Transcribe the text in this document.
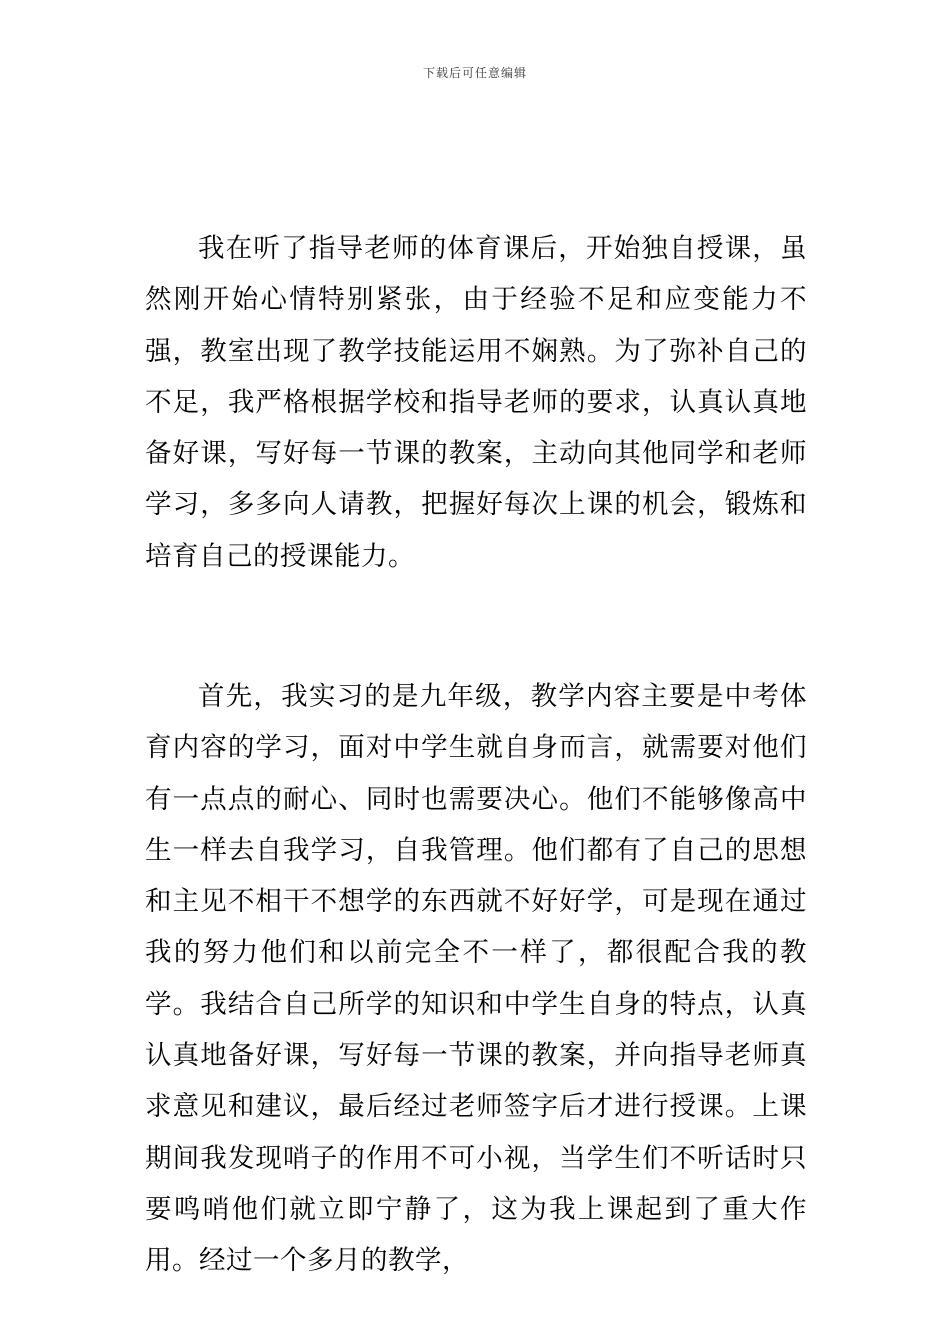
下载后可任意编辑

我在听了指导老师的体育课后，开始独自授课，虽然刚开始心情特别紧张，由于经验不足和应变能力不强，教室出现了教学技能运用不娴熟。为了弥补自己的不足，我严格根据学校和指导老师的要求，认真认真地备好课，写好每一节课的教案，主动向其他同学和老师学习，多多向人请教，把握好每次上课的机会，锻炼和培育自己的授课能力。

首先，我实习的是九年级，教学内容主要是中考体育内容的学习，面对中学生就自身而言，就需要对他们有一点点的耐心、同时也需要决心。他们不能够像高中生一样去自我学习，自我管理。他们都有了自己的思想和主见不相干不想学的东西就不好好学，可是现在通过我的努力他们和以前完全不一样了，都很配合我的教学。我结合自己所学的知识和中学生自身的特点，认真认真地备好课，写好每一节课的教案，并向指导老师真求意见和建议，最后经过老师签字后才进行授课。上课期间我发现哨子的作用不可小视，当学生们不听话时只要鸣哨他们就立即宁静了，这为我上课起到了重大作用。经过一个多月的教学，
